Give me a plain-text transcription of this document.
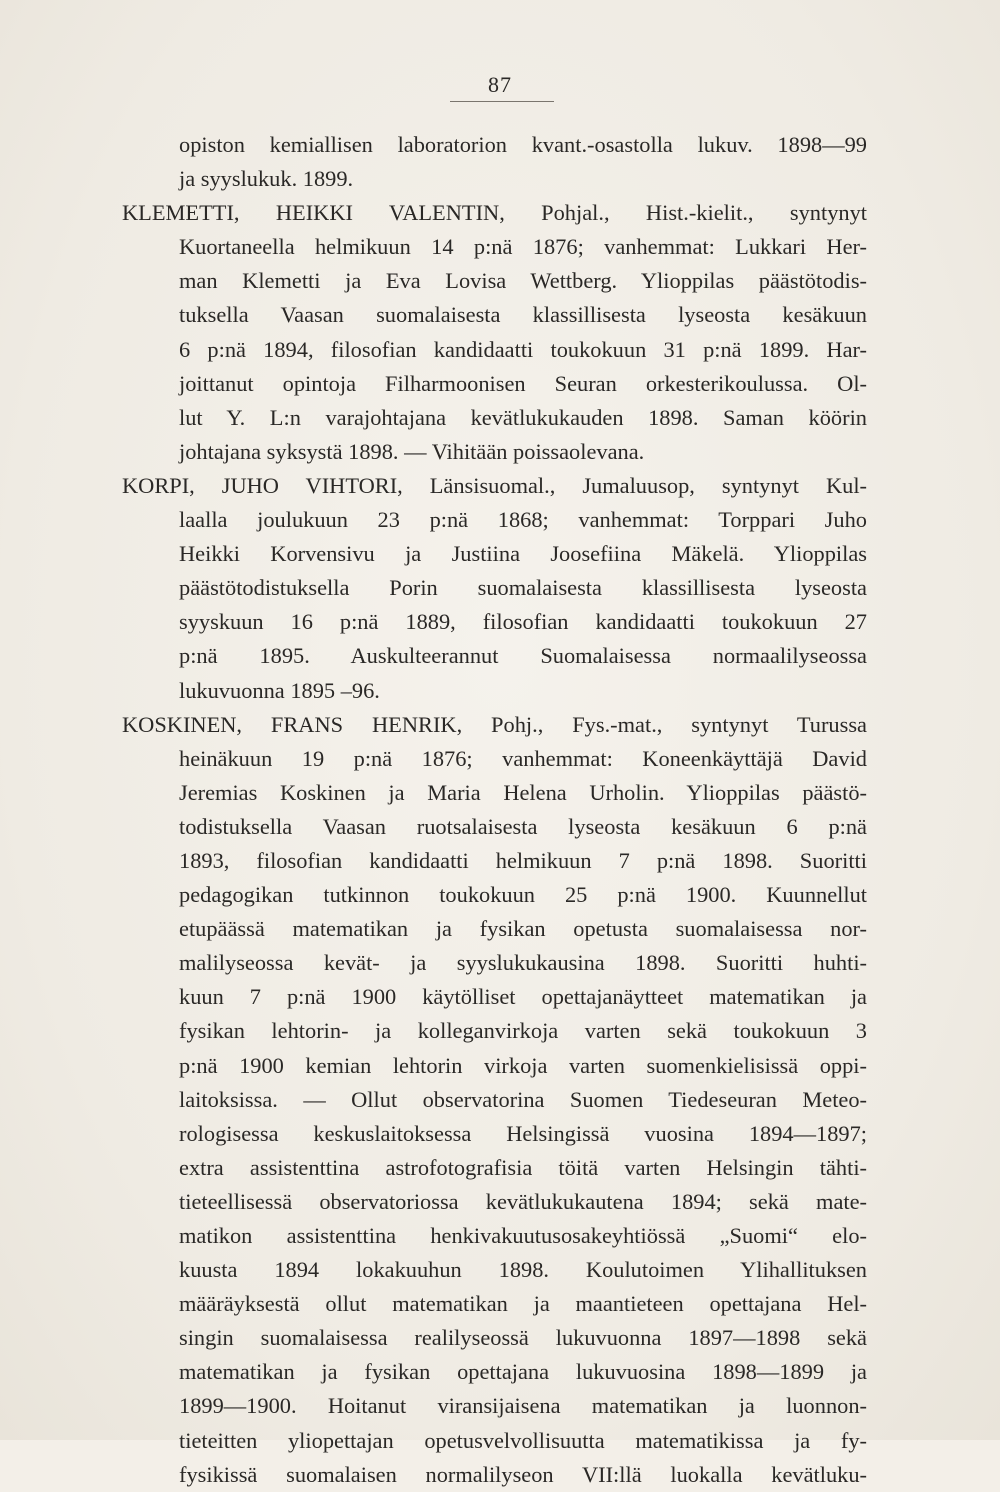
87
opiston kemiallisen laboratorion kvant.-osastolla lukuv. 1898—99
ja syyslukuk. 1899.
KLEMETTI, HEIKKI VALENTIN, Pohjal., Hist.-kielit., syntynyt
Kuortaneella helmikuun 14 p:nä 1876; vanhemmat: Lukkari Her-
man Klemetti ja Eva Lovisa Wettberg. Ylioppilas päästötodis-
tuksella Vaasan suomalaisesta klassillisesta lyseosta kesäkuun
6 p:nä 1894, filosofian kandidaatti toukokuun 31 p:nä 1899. Har-
joittanut opintoja Filharmoonisen Seuran orkesterikoulussa. Ol-
lut Y. L:n varajohtajana kevätlukukauden 1898. Saman köörin
johtajana syksystä 1898. — Vihitään poissaolevana.
KORPI, JUHO VIHTORI, Länsisuomal., Jumaluusop, syntynyt Kul-
laalla joulukuun 23 p:nä 1868; vanhemmat: Torppari Juho
Heikki Korvensivu ja Justiina Joosefiina Mäkelä. Ylioppilas
päästötodistuksella Porin suomalaisesta klassillisesta lyseosta
syyskuun 16 p:nä 1889, filosofian kandidaatti toukokuun 27
p:nä 1895. Auskulteerannut Suomalaisessa normaalilyseossa
lukuvuonna 1895 –96.
KOSKINEN, FRANS HENRIK, Pohj., Fys.-mat., syntynyt Turussa
heinäkuun 19 p:nä 1876; vanhemmat: Koneenkäyttäjä David
Jeremias Koskinen ja Maria Helena Urholin. Ylioppilas päästö-
todistuksella Vaasan ruotsalaisesta lyseosta kesäkuun 6 p:nä
1893, filosofian kandidaatti helmikuun 7 p:nä 1898. Suoritti
pedagogikan tutkinnon toukokuun 25 p:nä 1900. Kuunnellut
etupäässä matematikan ja fysikan opetusta suomalaisessa nor-
malilyseossa kevät- ja syyslukukausina 1898. Suoritti huhti-
kuun 7 p:nä 1900 käytölliset opettajanäytteet matematikan ja
fysikan lehtorin- ja kolleganvirkoja varten sekä toukokuun 3
p:nä 1900 kemian lehtorin virkoja varten suomenkielisissä oppi-
laitoksissa. — Ollut observatorina Suomen Tiedeseuran Meteo-
rologisessa keskuslaitoksessa Helsingissä vuosina 1894—1897;
extra assistenttina astrofotografisia töitä varten Helsingin tähti-
tieteellisessä observatoriossa kevätlukukautena 1894; sekä mate-
matikon assistenttina henkivakuutusosakeyhtiössä „Suomi“ elo-
kuusta 1894 lokakuuhun 1898. Koulutoimen Ylihallituksen
määräyksestä ollut matematikan ja maantieteen opettajana Hel-
singin suomalaisessa realilyseossä lukuvuonna 1897—1898 sekä
matematikan ja fysikan opettajana lukuvuosina 1898—1899 ja
1899—1900. Hoitanut viransijaisena matematikan ja luonnon-
tieteitten yliopettajan opetusvelvollisuutta matematikissa ja fy-
fysikissä suomalaisen normalilyseon VII:llä luokalla kevätluku-
